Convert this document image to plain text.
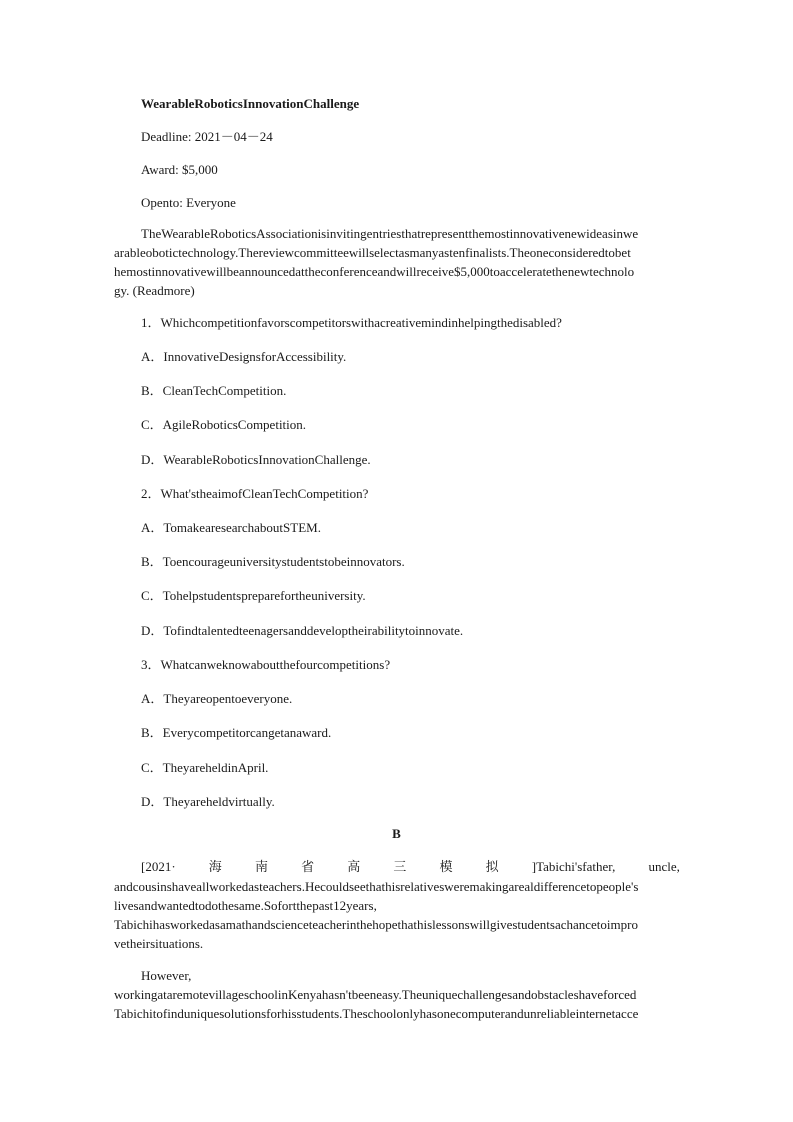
WearableRoboticsInnovationChallenge
Deadline: 2021－04－24
Award: $5,000
Opento: Everyone
TheWearableRoboticsAssociationisinvitingentriesthatrepresentthemostinnovativenewideasinwe
arableobotictechnology.Thereviewcommitteewillselectasmanyastenfinalists.Theoneconsideredtobet
hemostinnovativewillbeannouncedattheconferenceandwillreceive$5,000toacceleratethenewtechnolo
gy. (Readmore)
1．Whichcompetitionfavorscompetitorswithacreativemindinhelpingthedisabled?
A．InnovativeDesignsforAccessibility.
B．CleanTechCompetition.
C．AgileRoboticsCompetition.
D．WearableRoboticsInnovationChallenge.
2．What'stheaimofCleanTechCompetition?
A．TomakearesearchaboutSTEM.
B．Toencourageuniversitystudentstobeinnovators.
C．Tohelpstudentspreparefortheuniversity.
D．Tofindtalentedteenagersanddeveloptheirabilitytoinnovate.
3．Whatcanweknowaboutthefourcompetitions?
A．Theyareopentoeveryone.
B．Everycompetitorcangetanaward.
C．TheyareheldinApril.
D．Theyareheldvirtually.
B
[2021·	海	南	省	高	三	模	拟	]Tabichi'sfather,	uncle,
andcousinshaveallworkedasteachers.Hecouldseethathisrelativesweremakingarealdifferencetopeople's
livesandwantedtodothesame.Sofortthepast12years,
Tabichihasworkedasamathandscienceteacherinthehopethathislessonswillgivestudentsachancetoimpro
vetheirsituations.
However,
workingataremotevillageschoolinKenyahasn'tbeeneasy.Theuniquechallengesandobstacleshaveforced
Tabichitofinduniquesolutionsforhisstudents.Theschoolonlyhasonecomputerandunreliableinternetacce
